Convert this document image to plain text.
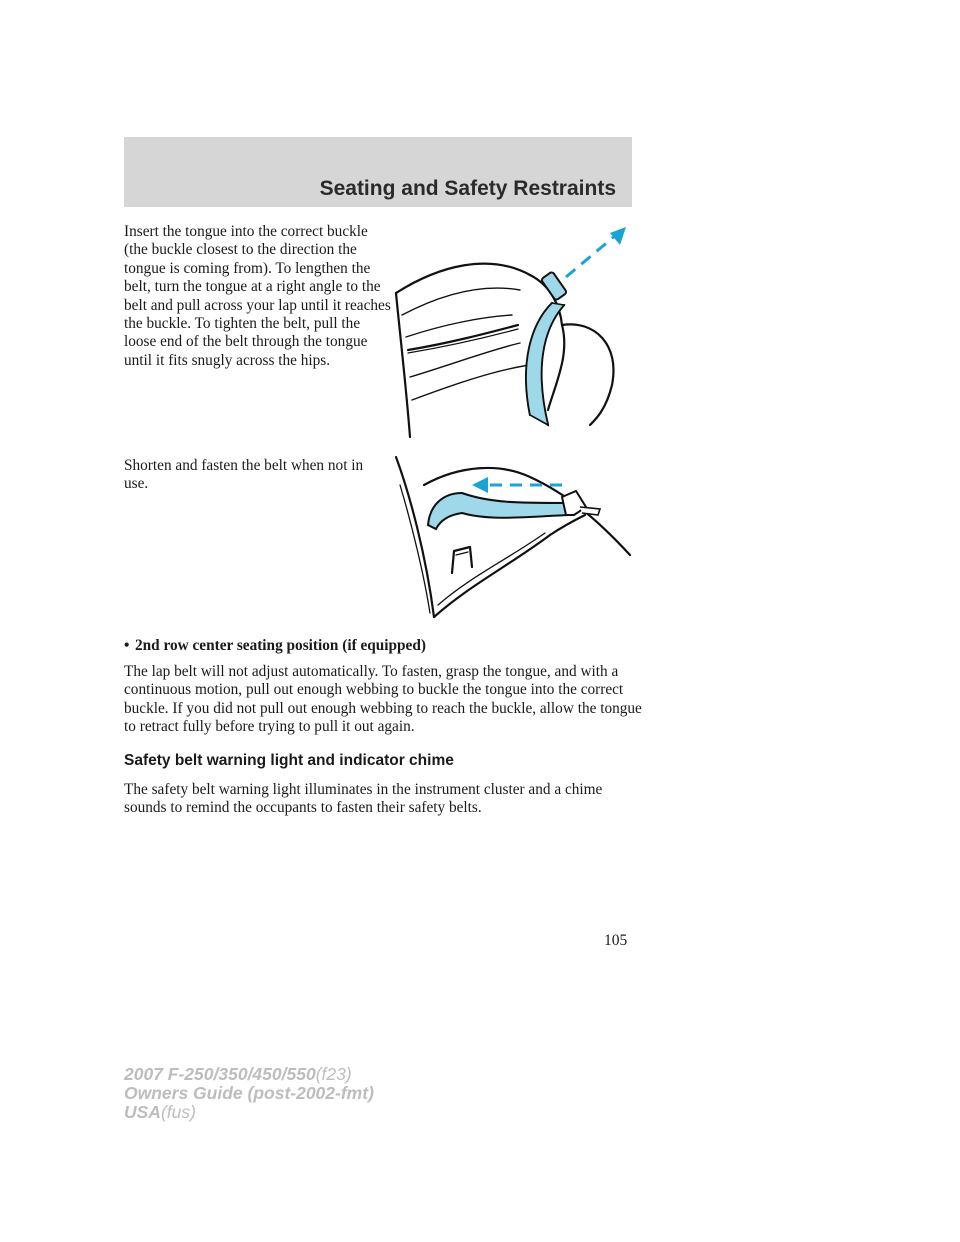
Seating and Safety Restraints

Insert the tongue into the correct buckle (the buckle closest to the direction the tongue is coming from). To lengthen the belt, turn the tongue at a right angle to the belt and pull across your lap until it reaches the buckle. To tighten the belt, pull the loose end of the belt through the tongue until it fits snugly across the hips.

Shorten and fasten the belt when not in use.

• 2nd row center seating position (if equipped)

The lap belt will not adjust automatically. To fasten, grasp the tongue, and with a continuous motion, pull out enough webbing to buckle the tongue into the correct buckle. If you did not pull out enough webbing to reach the buckle, allow the tongue to retract fully before trying to pull it out again.

Safety belt warning light and indicator chime

The safety belt warning light illuminates in the instrument cluster and a chime sounds to remind the occupants to fasten their safety belts.

105
2007 F-250/350/450/550(f23)
Owners Guide (post-2002-fmt)
USA(fus)
